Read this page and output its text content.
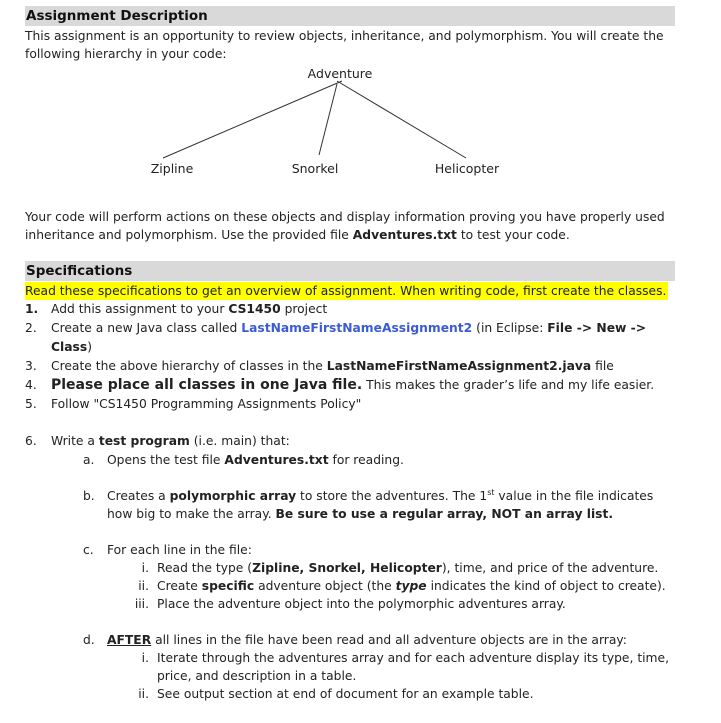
Assignment Description

This assignment is an opportunity to review objects, inheritance, and polymorphism. You will create the following hierarchy in your code:

Adventure
Zipline	Snorkel	Helicopter

Your code will perform actions on these objects and display information proving you have properly used inheritance and polymorphism. Use the provided file Adventures.txt to test your code.

Specifications
Read these specifications to get an overview of assignment. When writing code, first create the classes.
1.	Add this assignment to your CS1450 project
2.	Create a new Java class called LastNameFirstNameAssignment2 (in Eclipse: File -> New -> Class)
3.	Create the above hierarchy of classes in the LastNameFirstNameAssignment2.java file
4.	Please place all classes in one Java file. This makes the grader’s life and my life easier.
5.	Follow "CS1450 Programming Assignments Policy"
6.	Write a test program (i.e. main) that:
a.	Opens the test file Adventures.txt for reading.
b. Creates a polymorphic array to store the adventures. The 1st value in the file indicates how big to make the array. Be sure to use a regular array, NOT an array list.
c.	For each line in the file:
i. Read the type (Zipline, Snorkel, Helicopter), time, and price of the adventure.
ii. Create specific adventure object (the type indicates the kind of object to create).
iii. Place the adventure object into the polymorphic adventures array.
d. AFTER all lines in the file have been read and all adventure objects are in the array:
i. Iterate through the adventures array and for each adventure display its type, time, price, and description in a table.
ii. See output section at end of document for an example table.
